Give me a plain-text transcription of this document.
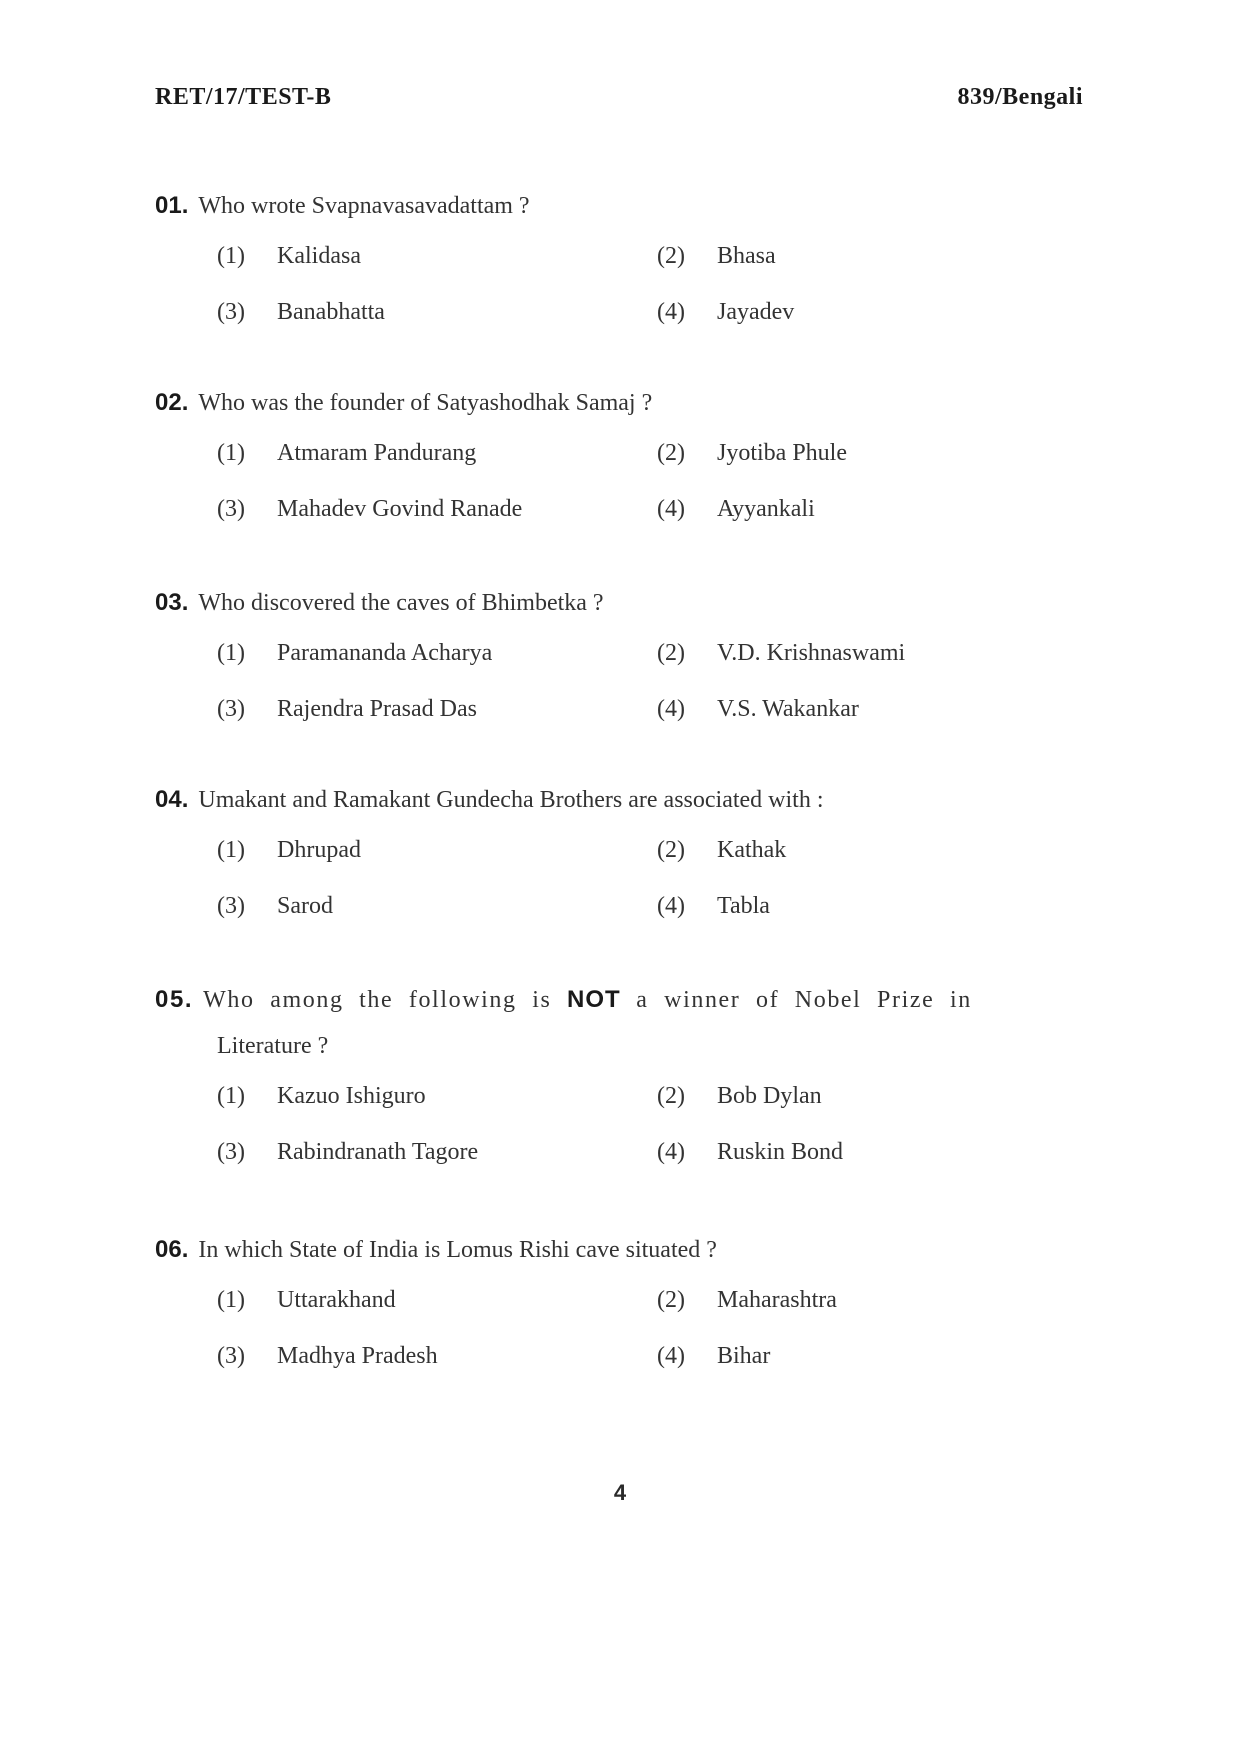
RET/17/TEST-B	839/Bengali
01. Who wrote Svapnavasavadattam ?
(1)	Kalidasa	(2)	Bhasa
(3)	Banabhatta	(4)	Jayadev
02. Who was the founder of Satyashodhak Samaj ?
(1)	Atmaram Pandurang	(2)	Jyotiba Phule
(3)	Mahadev Govind Ranade	(4)	Ayyankali
03. Who discovered the caves of Bhimbetka ?
(1)	Paramananda Acharya	(2)	V.D. Krishnaswami
(3)	Rajendra Prasad Das	(4)	V.S. Wakankar
04. Umakant and Ramakant Gundecha Brothers are associated with :
(1)	Dhrupad	(2)	Kathak
(3)	Sarod	(4)	Tabla
05. Who among the following is NOT a winner of Nobel Prize in
Literature ?
(1)	Kazuo Ishiguro	(2)	Bob Dylan
(3)	Rabindranath Tagore	(4)	Ruskin Bond
06. In which State of India is Lomus Rishi cave situated ?
(1)	Uttarakhand	(2)	Maharashtra
(3)	Madhya Pradesh	(4)	Bihar
4
